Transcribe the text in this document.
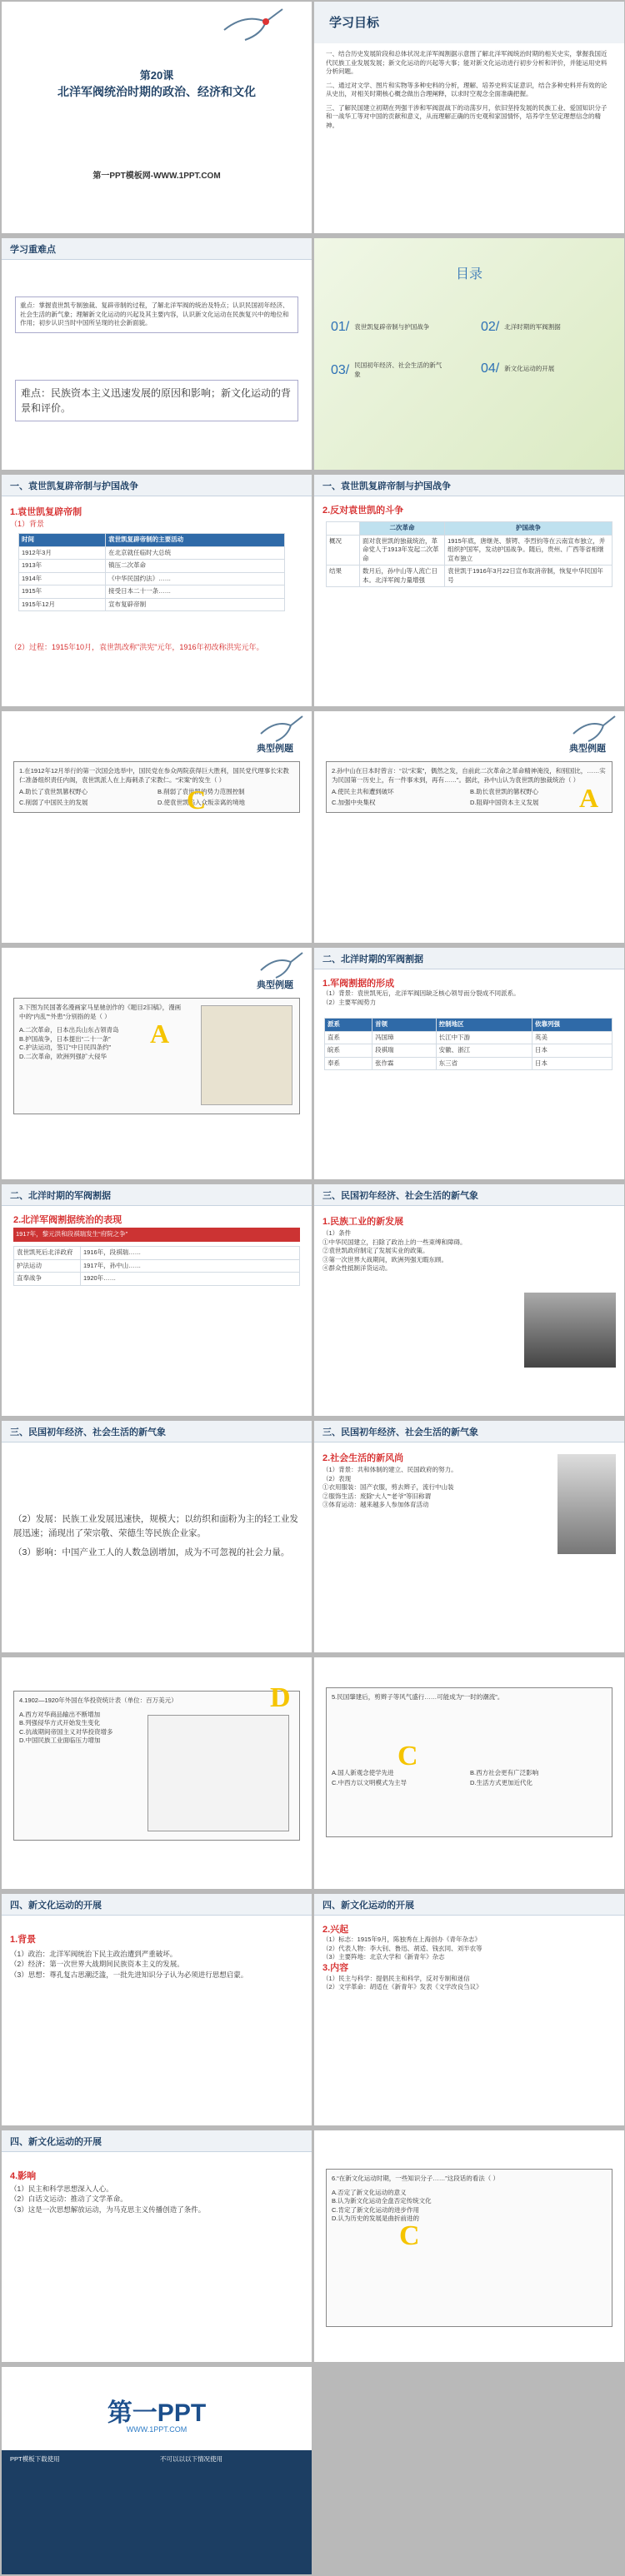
第20课
北洋军阀统治时期的政治、经济和文化
第一PPT模板网-WWW.1PPT.COM
学习目标

一、结合历史发展阶段和总体状况北洋军阀割据示意图了解北洋军阀统治时期的相关史实，掌握我国近代民族工业发展发展；新文化运动的兴起等大事；能对新文化运动进行初步分析和评价，并能运用史料分析问题。

二、通过对文学、图片和实物等多种史料的分析，理解、培养史料实证意识，结合多种史料并有效的论从史出，对相关时期核心概念做出合理阐释，以求时空观念全面准确把握。

三、了解民国建立初期在列强干涉和军阀混战下的动荡岁月，依旧坚持发展的民族工业、爱国知识分子和一战华工等对中国的贡献和意义，从而理解正确的历史观和家国情怀，培养学生坚定理想信念的精神。

学习重难点
重点：掌握袁世凯专制独裁、复辟帝制的过程，了解北洋军阀的统治及特点；认识民国初年经济、社会生活的新气象；理解新文化运动的兴起及其主要内容，认识新文化运动在民族复兴中的地位和作用；初步认识当时中国所呈现的社会新面貌。
难点：民族资本主义迅速发展的原因和影响；新文化运动的背景和评价。
目录
01/ 袁世凯复辟帝制与护国战争	02/ 北洋时期的军阀割据
03/ 民国初年经济、社会生活的新气象	04/ 新文化运动的开展
一、袁世凯复辟帝制与护国战争
1.袁世凯复辟帝制
（1）背景
时间	袁世凯复辟帝制的主要活动
1912年3月	在北京就任临时大总统
1913年	镇压二次革命
1914年	《中华民国约法》……
1915年	接受日本二十一条……
1915年12月	宣布复辟帝制
（2）过程：1915年10月，袁世凯改称"洪宪"元年，1916年初改称洪宪元年。
一、袁世凯复辟帝制与护国战争
2.反对袁世凯的斗争
	二次革命	护国战争
概况	面对袁世凯的独裁统治，革命党人于1913年发起二次革命	1915年底，唐继尧、蔡锷、李烈钧等在云南宣布独立，并组织护国军，发动护国战争。随后，贵州、广西等省相继宣布独立
结果	数月后，孙中山等人流亡日本。北洋军阀力量增强	袁世凯于1916年3月22日宣布取消帝制，恢复中华民国年号
典型例题

1.在1912年12月举行的第一次国会选举中，国民党在参众两院获得巨大胜利，国民党代理事长宋教仁准备组织责任内阁，袁世凯派人在上海刺杀了宋教仁。“宋案”的发生（ ）

A.助长了袁世凯篡权野心	B.削弱了袁世凯的势力范围控制
C.削弱了中国民主的发展	D.使袁世凯陷入众叛亲离的境地
C
典型例题

2.孙中山在日本时曾言：“以“宋案”，偶然之发，自前此二次革命之革命精神淹没，和别国比，……实为民国第一历史上，有一件事未到，再有……”。据此，孙中山认为袁世凯的独裁统治（ ）

A.使民主共和遭到破坏	B.助长袁世凯的篡权野心
C.加强中央集权	D.阻碍中国资本主义发展	A
典型例题

3.下图为民国著名漫画家马星驰创作的《题目2旧稿》，漫画中的“内乱”“外患”分别指的是（ ）

A.二次革命，日本出兵山东占领青岛

B.护国战争，日本提出“二十一条”

C.护法运动，签订“中日民四条约”

D.二次革命，欧洲列强扩大侵华

A
二、北洋时期的军阀割据
1.军阀割据的形成

（1）背景：袁世凯死后，北洋军阀因缺乏核心领导而分裂成不同派系。

（2）主要军阀势力

派系	首领	控制地区	依靠列强
直系	冯国璋	长江中下游	英美
皖系	段祺瑞	安徽、浙江	日本
奉系	张作霖	东三省	日本
二、北洋时期的军阀割据
2.北洋军阀割据统治的表现
1917年，黎元洪和段祺瑞发生“府院之争”
袁世凯死后北洋政府	1916年，段祺瑞……
护法运动	1917年，孙中山……
直奉战争	1920年……
三、民国初年经济、社会生活的新气象
1.民族工业的新发展

（1）条件

①中华民国建立，扫除了政治上的一些束缚和障碍。

②袁世凯政府制定了发展实业的政策。

③第一次世界大战期间，欧洲列强无暇东顾。

④群众性抵制洋货运动。

三、民国初年经济、社会生活的新气象

（2）发展：民族工业发展迅速快，规模大；以纺织和面粉为主的轻工业发展迅速；涌现出了荣宗敬、荣德生等民族企业家。

（3）影响：中国产业工人的人数急剧增加，成为不可忽视的社会力量。

三、民国初年经济、社会生活的新气象
2.社会生活的新风尚

（1）背景：共和体制的建立、民国政府的努力。

（2）表现

①衣用服装：国产衣服，剪去辫子，流行中山装

②服饰生活：废除“大人”“老爷”等旧称谓

③体育运动：越来越多人参加体育活动

4.1902—1920年外国在华投资统计表（单位：百万美元）

A.西方对华商品输出不断增加

B.列强侵华方式开始发生变化

C.抗战期间帝国主义对华投资增多

D.中国民族工业面临压力增加

D	5.民国肇建后，剪辫子等风气盛行……可能成为“一时的潮流”。

A.国人新观念使学先进	B.西方社会更有广泛影响
C.中西方以文明模式为主导	D.生活方式更加近代化
C
四、新文化运动的开展
1.背景

（1）政治：北洋军阀统治下民主政治遭到严重破坏。

（2）经济：第一次世界大战期间民族资本主义的发展。

（3）思想：尊孔复古思潮泛滥，一批先进知识分子认为必须进行思想启蒙。

四、新文化运动的开展
2.兴起

（1）标志：1915年9月，陈独秀在上海创办《青年杂志》

（2）代表人物：李大钊、鲁迅、胡适、钱玄同、刘半农等

（3）主要阵地：北京大学和《新青年》杂志

3.内容

（1）民主与科学：提倡民主和科学，反对专制和迷信

（2）文学革命：胡适在《新青年》发表《文学改良刍议》

四、新文化运动的开展
4.影响

（1）民主和科学思想深入人心。

（2）白话文运动：推动了文学革命。

（3）这是一次思想解放运动，为马克思主义传播创造了条件。

6.“在新文化运动时期，一些知识分子……”这段话的看法（ ）

A.否定了新文化运动的意义

B.认为新文化运动全盘否定传统文化

C.肯定了新文化运动的进步作用

D.认为历史的发展是曲折前进的

C
第一PPT
WWW.1PPT.COM

PPT模板下载使用	不可以以以下情况使用
